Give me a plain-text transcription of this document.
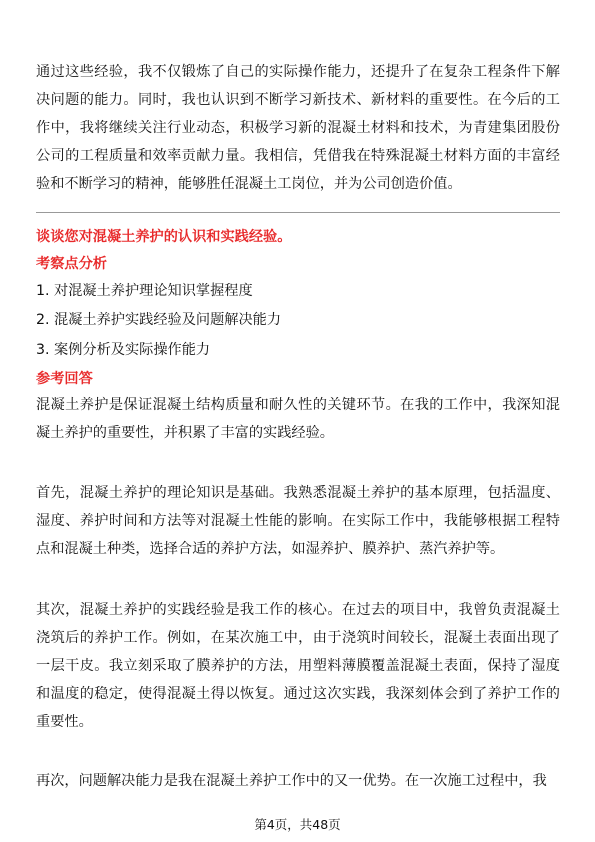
通过这些经验，我不仅锻炼了自己的实际操作能力，还提升了在复杂工程条件下解决问题的能力。同时，我也认识到不断学习新技术、新材料的重要性。在今后的工作中，我将继续关注行业动态，积极学习新的混凝土材料和技术，为青建集团股份公司的工程质量和效率贡献力量。我相信，凭借我在特殊混凝土材料方面的丰富经验和不断学习的精神，能够胜任混凝土工岗位，并为公司创造价值。

谈谈您对混凝土养护的认识和实践经验。

考察点分析

1. 对混凝土养护理论知识掌握程度

2. 混凝土养护实践经验及问题解决能力

3. 案例分析及实际操作能力

参考回答

混凝土养护是保证混凝土结构质量和耐久性的关键环节。在我的工作中，我深知混凝土养护的重要性，并积累了丰富的实践经验。

首先，混凝土养护的理论知识是基础。我熟悉混凝土养护的基本原理，包括温度、湿度、养护时间和方法等对混凝土性能的影响。在实际工作中，我能够根据工程特点和混凝土种类，选择合适的养护方法，如湿养护、膜养护、蒸汽养护等。

其次，混凝土养护的实践经验是我工作的核心。在过去的项目中，我曾负责混凝土浇筑后的养护工作。例如，在某次施工中，由于浇筑时间较长，混凝土表面出现了一层干皮。我立刻采取了膜养护的方法，用塑料薄膜覆盖混凝土表面，保持了湿度和温度的稳定，使得混凝土得以恢复。通过这次实践，我深刻体会到了养护工作的重要性。

再次，问题解决能力是我在混凝土养护工作中的又一优势。在一次施工过程中，我

第4页，共48页
